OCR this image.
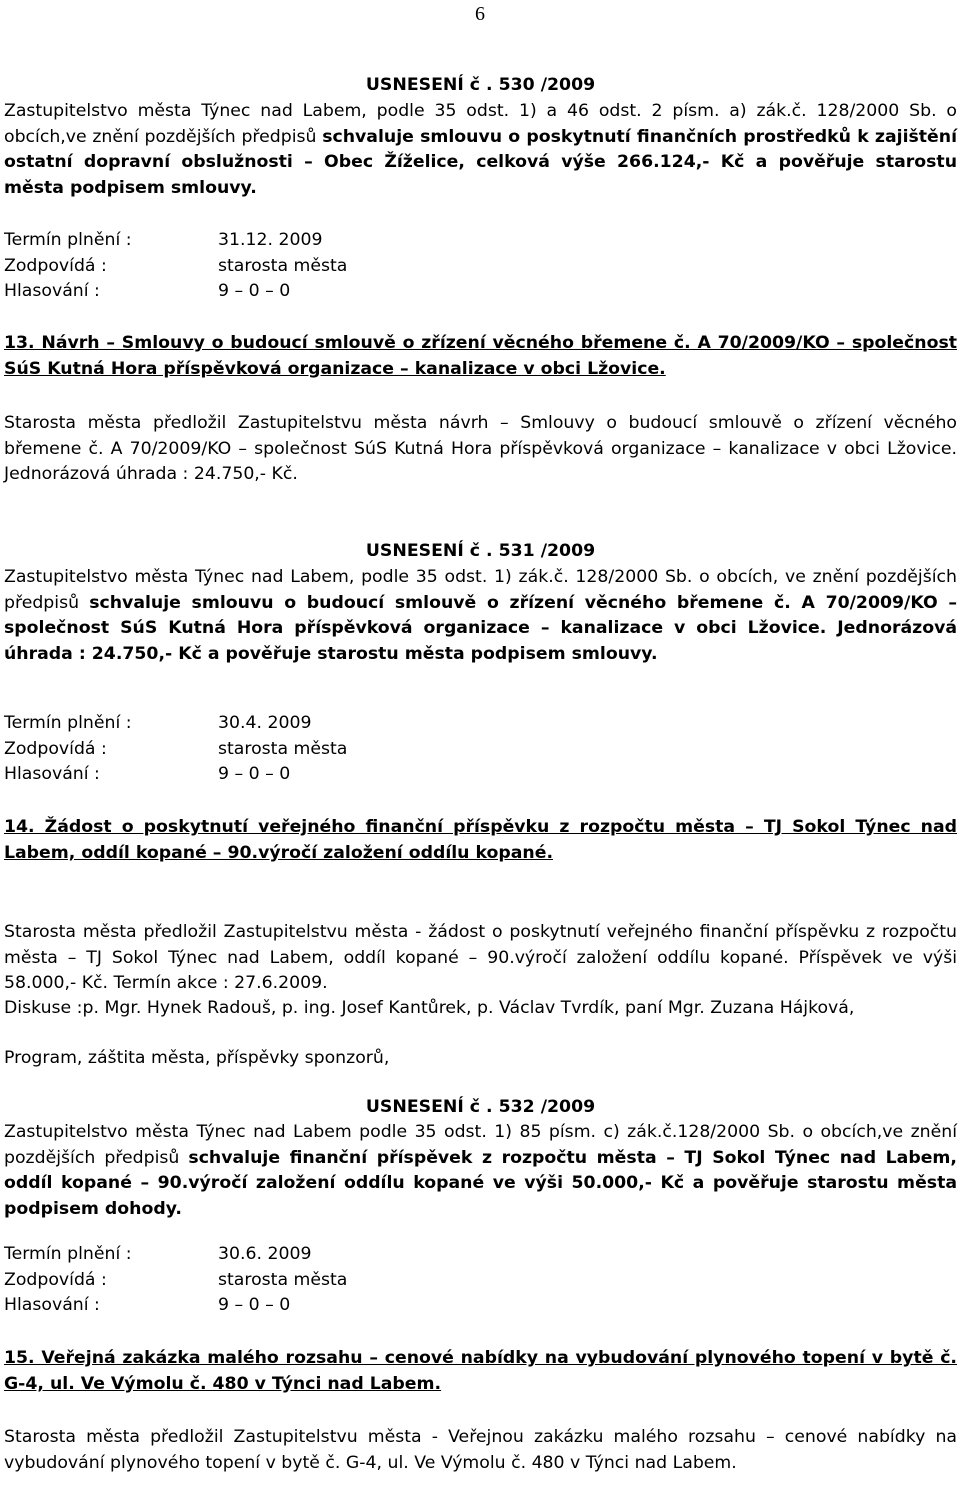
6
USNESENÍ č . 530 /2009

Zastupitelstvo města Týnec nad Labem, podle 35 odst. 1) a 46 odst. 2 písm. a) zák.č. 128/2000 Sb. o obcích,ve znění pozdějších předpisů schvaluje smlouvu o poskytnutí finančních prostředků k zajištění ostatní dopravní obslužnosti – Obec Žíželice, celková výše 266.124,- Kč a pověřuje starostu města podpisem smlouvy.

Termín plnění :	31.12. 2009
Zodpovídá :	starosta města
Hlasování :	9 – 0 – 0

13. Návrh – Smlouvy o budoucí smlouvě o zřízení věcného břemene č. A 70/2009/KO – společnost SúS Kutná Hora příspěvková organizace – kanalizace v obci Lžovice.

Starosta města předložil Zastupitelstvu města návrh – Smlouvy o budoucí smlouvě o zřízení věcného břemene č. A 70/2009/KO – společnost SúS Kutná Hora příspěvková organizace – kanalizace v obci Lžovice. Jednorázová úhrada : 24.750,- Kč.

USNESENÍ č . 531 /2009

Zastupitelstvo města Týnec nad Labem, podle 35 odst. 1) zák.č. 128/2000 Sb. o obcích, ve znění pozdějších předpisů schvaluje smlouvu o budoucí smlouvě o zřízení věcného břemene č. A 70/2009/KO – společnost SúS Kutná Hora příspěvková organizace – kanalizace v obci Lžovice. Jednorázová úhrada : 24.750,- Kč a pověřuje starostu města podpisem smlouvy.

Termín plnění :	30.4. 2009
Zodpovídá :	starosta města
Hlasování :	9 – 0 – 0

14. Žádost o poskytnutí veřejného finanční příspěvku z rozpočtu města – TJ Sokol Týnec nad Labem, oddíl kopané – 90.výročí založení oddílu kopané.

Starosta města předložil Zastupitelstvu města - žádost o poskytnutí veřejného finanční příspěvku z rozpočtu města – TJ Sokol Týnec nad Labem, oddíl kopané – 90.výročí založení oddílu kopané. Příspěvek ve výši 58.000,- Kč. Termín akce : 27.6.2009.

Diskuse :p. Mgr. Hynek Radouš, p. ing. Josef Kantůrek, p. Václav Tvrdík, paní Mgr. Zuzana Hájková,

Program, záštita města, příspěvky sponzorů,

USNESENÍ č . 532 /2009

Zastupitelstvo města Týnec nad Labem podle 35 odst. 1) 85 písm. c) zák.č.128/2000 Sb. o obcích,ve znění pozdějších předpisů schvaluje finanční příspěvek z rozpočtu města – TJ Sokol Týnec nad Labem, oddíl kopané – 90.výročí založení oddílu kopané ve výši 50.000,- Kč a pověřuje starostu města podpisem dohody.

Termín plnění :	30.6. 2009
Zodpovídá :	starosta města
Hlasování :	9 – 0 – 0

15. Veřejná zakázka malého rozsahu – cenové nabídky na vybudování plynového topení v bytě č. G-4, ul. Ve Výmolu č. 480 v Týnci nad Labem.

Starosta města předložil Zastupitelstvu města - Veřejnou zakázku malého rozsahu – cenové nabídky na vybudování plynového topení v bytě č. G-4, ul. Ve Výmolu č. 480 v Týnci nad Labem.
